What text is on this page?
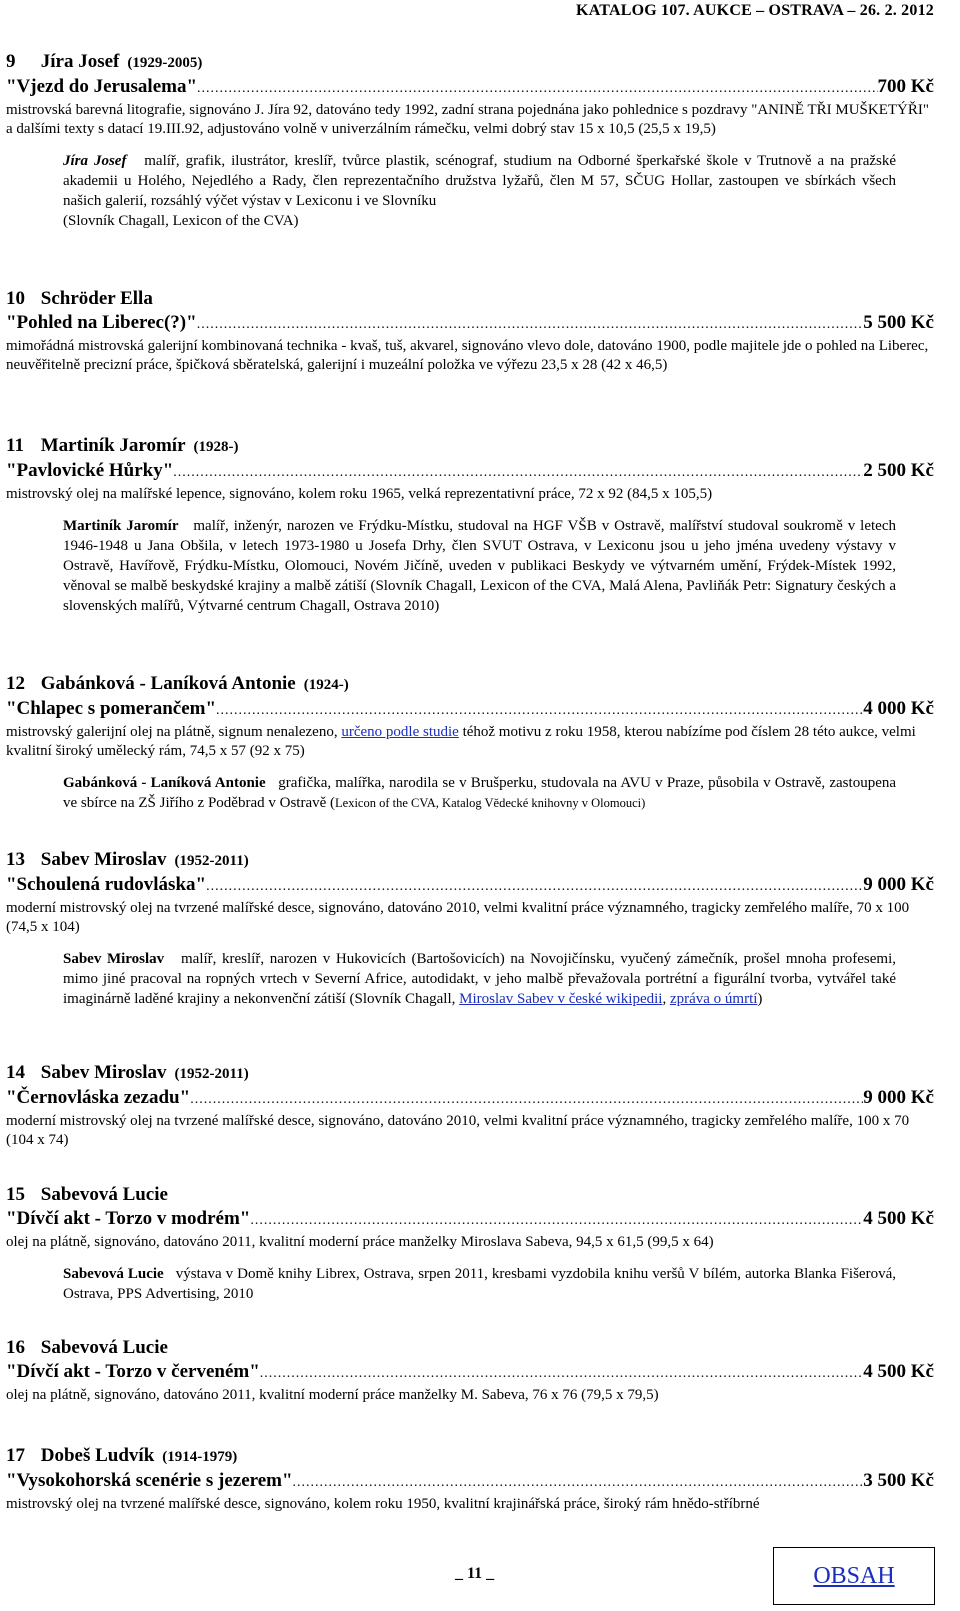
KATALOG 107. AUKCE – OSTRAVA – 26. 2. 2012
9 Jíra Josef (1929-2005)
"Vjezd do Jerusalema" .....	700 Kč
mistrovská barevná litografie, signováno J. Jíra 92, datováno tedy 1992, zadní strana pojednána jako pohlednice s pozdravy "ANINĚ TŘI MUŠKETÝŘI" a dalšími texty s datací 19.III.92, adjustováno volně v univerzálním rámečku, velmi dobrý stav 15 x 10,5 (25,5 x 19,5)
Jíra Josef malíř, grafik, ilustrátor, kreslíř, tvůrce plastik, scénograf, studium na Odborné šperkařské škole v Trutnově a na pražské akademii u Holého, Nejedlého a Rady, člen reprezentačního družstva lyžařů, člen M 57, SČUG Hollar, zastoupen ve sbírkách všech našich galerií, rozsáhlý výčet výstav v Lexiconu i ve Slovníku
(Slovník Chagall, Lexicon of the CVA)
10 Schröder Ella
"Pohled na Liberec(?)" .....	5 500 Kč
mimořádná mistrovská galerijní kombinovaná technika - kvaš, tuš, akvarel, signováno vlevo dole, datováno 1900, podle majitele jde o pohled na Liberec, neuvěřitelně precizní práce, špičková sběratelská, galerijní i muzeální položka ve výřezu 23,5 x 28 (42 x 46,5)
11 Martiník Jaromír (1928-)
"Pavlovické Hůrky" .....	2 500 Kč
mistrovský olej na malířské lepence, signováno, kolem roku 1965, velká reprezentativní práce, 72 x 92 (84,5 x 105,5)
Martiník Jaromír malíř, inženýr, narozen ve Frýdku-Místku, studoval na HGF VŠB v Ostravě, malířství studoval soukromě v letech 1946-1948 u Jana Obšila, v letech 1973-1980 u Josefa Drhy, člen SVUT Ostrava, v Lexiconu jsou u jeho jména uvedeny výstavy v Ostravě, Havířově, Frýdku-Místku, Olomouci, Novém Jičíně, uveden v publikaci Beskydy ve výtvarném umění, Frýdek-Místek 1992, věnoval se malbě beskydské krajiny a malbě zátiší (Slovník Chagall, Lexicon of the CVA, Malá Alena, Pavliňák Petr: Signatury českých a slovenských malířů, Výtvarné centrum Chagall, Ostrava 2010)
12 Gabánková - Laníková Antonie (1924-)
"Chlapec s pomerančem" .....	4 000 Kč
mistrovský galerijní olej na plátně, signum nenalezeno, určeno podle studie téhož motivu z roku 1958, kterou nabízíme pod číslem 28 této aukce, velmi kvalitní široký umělecký rám, 74,5 x 57 (92 x 75)
Gabánková - Laníková Antonie grafička, malířka, narodila se v Brušperku, studovala na AVU v Praze, působila v Ostravě, zastoupena ve sbírce na ZŠ Jiřího z Poděbrad v Ostravě (Lexicon of the CVA, Katalog Vědecké knihovny v Olomouci)
13 Sabev Miroslav (1952-2011)
"Schoulená rudovláska" .....	9 000 Kč
moderní mistrovský olej na tvrzené malířské desce, signováno, datováno 2010, velmi kvalitní práce významného, tragicky zemřelého malíře, 70 x 100 (74,5 x 104)
Sabev Miroslav malíř, kreslíř, narozen v Hukovicích (Bartošovicích) na Novojičínsku, vyučený zámečník, prošel mnoha profesemi, mimo jiné pracoval na ropných vrtech v Severní Africe, autodidakt, v jeho malbě převažovala portrétní a figurální tvorba, vytvářel také imaginárně laděné krajiny a nekonvenční zátiší (Slovník Chagall, Miroslav Sabev v české wikipedii, zpráva o úmrtí)
14 Sabev Miroslav (1952-2011)
"Černovláska zezadu" .....	9 000 Kč
moderní mistrovský olej na tvrzené malířské desce, signováno, datováno 2010, velmi kvalitní práce významného, tragicky zemřelého malíře, 100 x 70 (104 x 74)
15 Sabevová Lucie
"Dívčí akt - Torzo v modrém" .....	4 500 Kč
olej na plátně, signováno, datováno 2011, kvalitní moderní práce manželky Miroslava Sabeva, 94,5 x 61,5 (99,5 x 64)
Sabevová Lucie výstava v Domě knihy Librex, Ostrava, srpen 2011, kresbami vyzdobila knihu veršů V bílém, autorka Blanka Fišerová, Ostrava, PPS Advertising, 2010
16 Sabevová Lucie
"Dívčí akt - Torzo v červeném" .....	4 500 Kč
olej na plátně, signováno, datováno 2011, kvalitní moderní práce manželky M. Sabeva, 76 x 76 (79,5 x 79,5)
17 Dobeš Ludvík (1914-1979)
"Vysokohorská scenérie s jezerem" .....	3 500 Kč
mistrovský olej na tvrzené malířské desce, signováno, kolem roku 1950, kvalitní krajinářská práce, široký rám hnědo-stříbrné
_ 11 _	OBSAH
